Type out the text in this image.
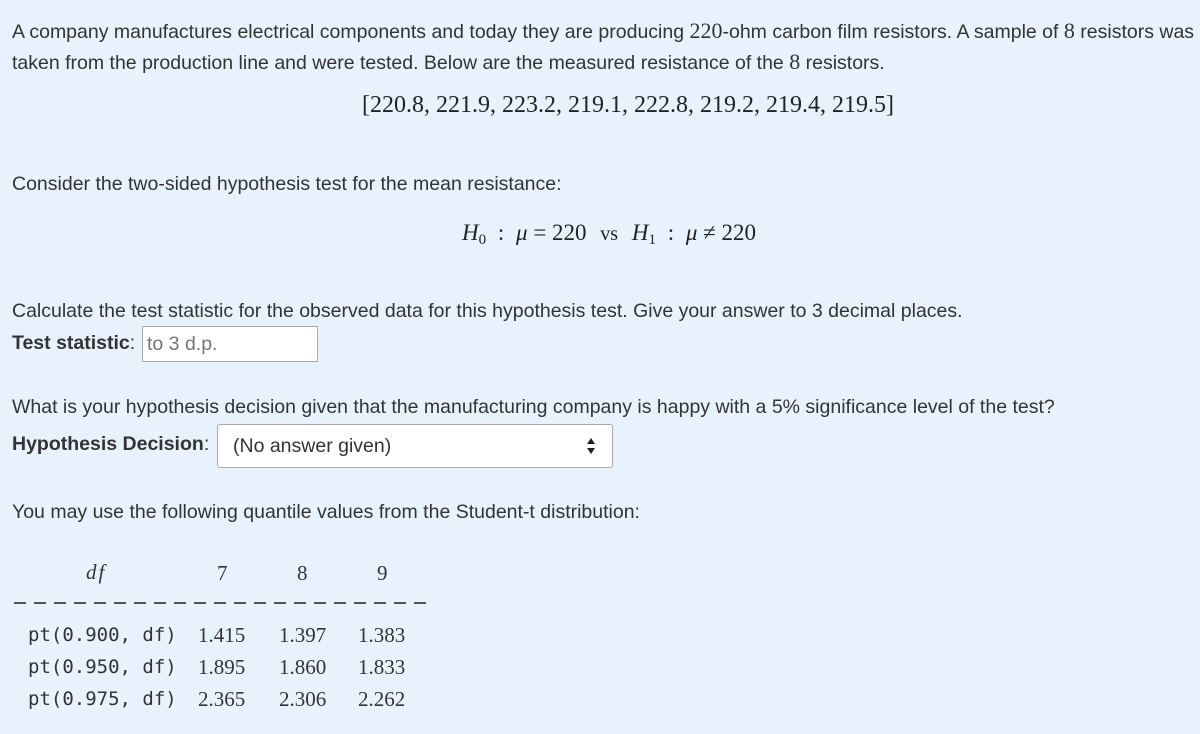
A company manufactures electrical components and today they are producing 220-ohm carbon film resistors. A sample of 8 resistors was taken from the production line and were tested. Below are the measured resistance of the 8 resistors.

[220.8, 221.9, 223.2, 219.1, 222.8, 219.2, 219.4, 219.5]
Consider the two-sided hypothesis test for the mean resistance:
$H_0$ : μ = 220 vs $H_1$ : μ ≠ 220
Calculate the test statistic for the observed data for this hypothesis test. Give your answer to 3 decimal places.
Test statistic:
to 3 d.p.
What is your hypothesis decision given that the manufacturing company is happy with a 5% significance level of the test?
Hypothesis Decision: (No answer given)
You may use the following quantile values from the Student-t distribution:
df	7	8	9
pt(0.900, df) 1.415 1.397 1.383
pt(0.950, df) 1.895 1.860 1.833
pt(0.975, df) 2.365 2.306 2.262
